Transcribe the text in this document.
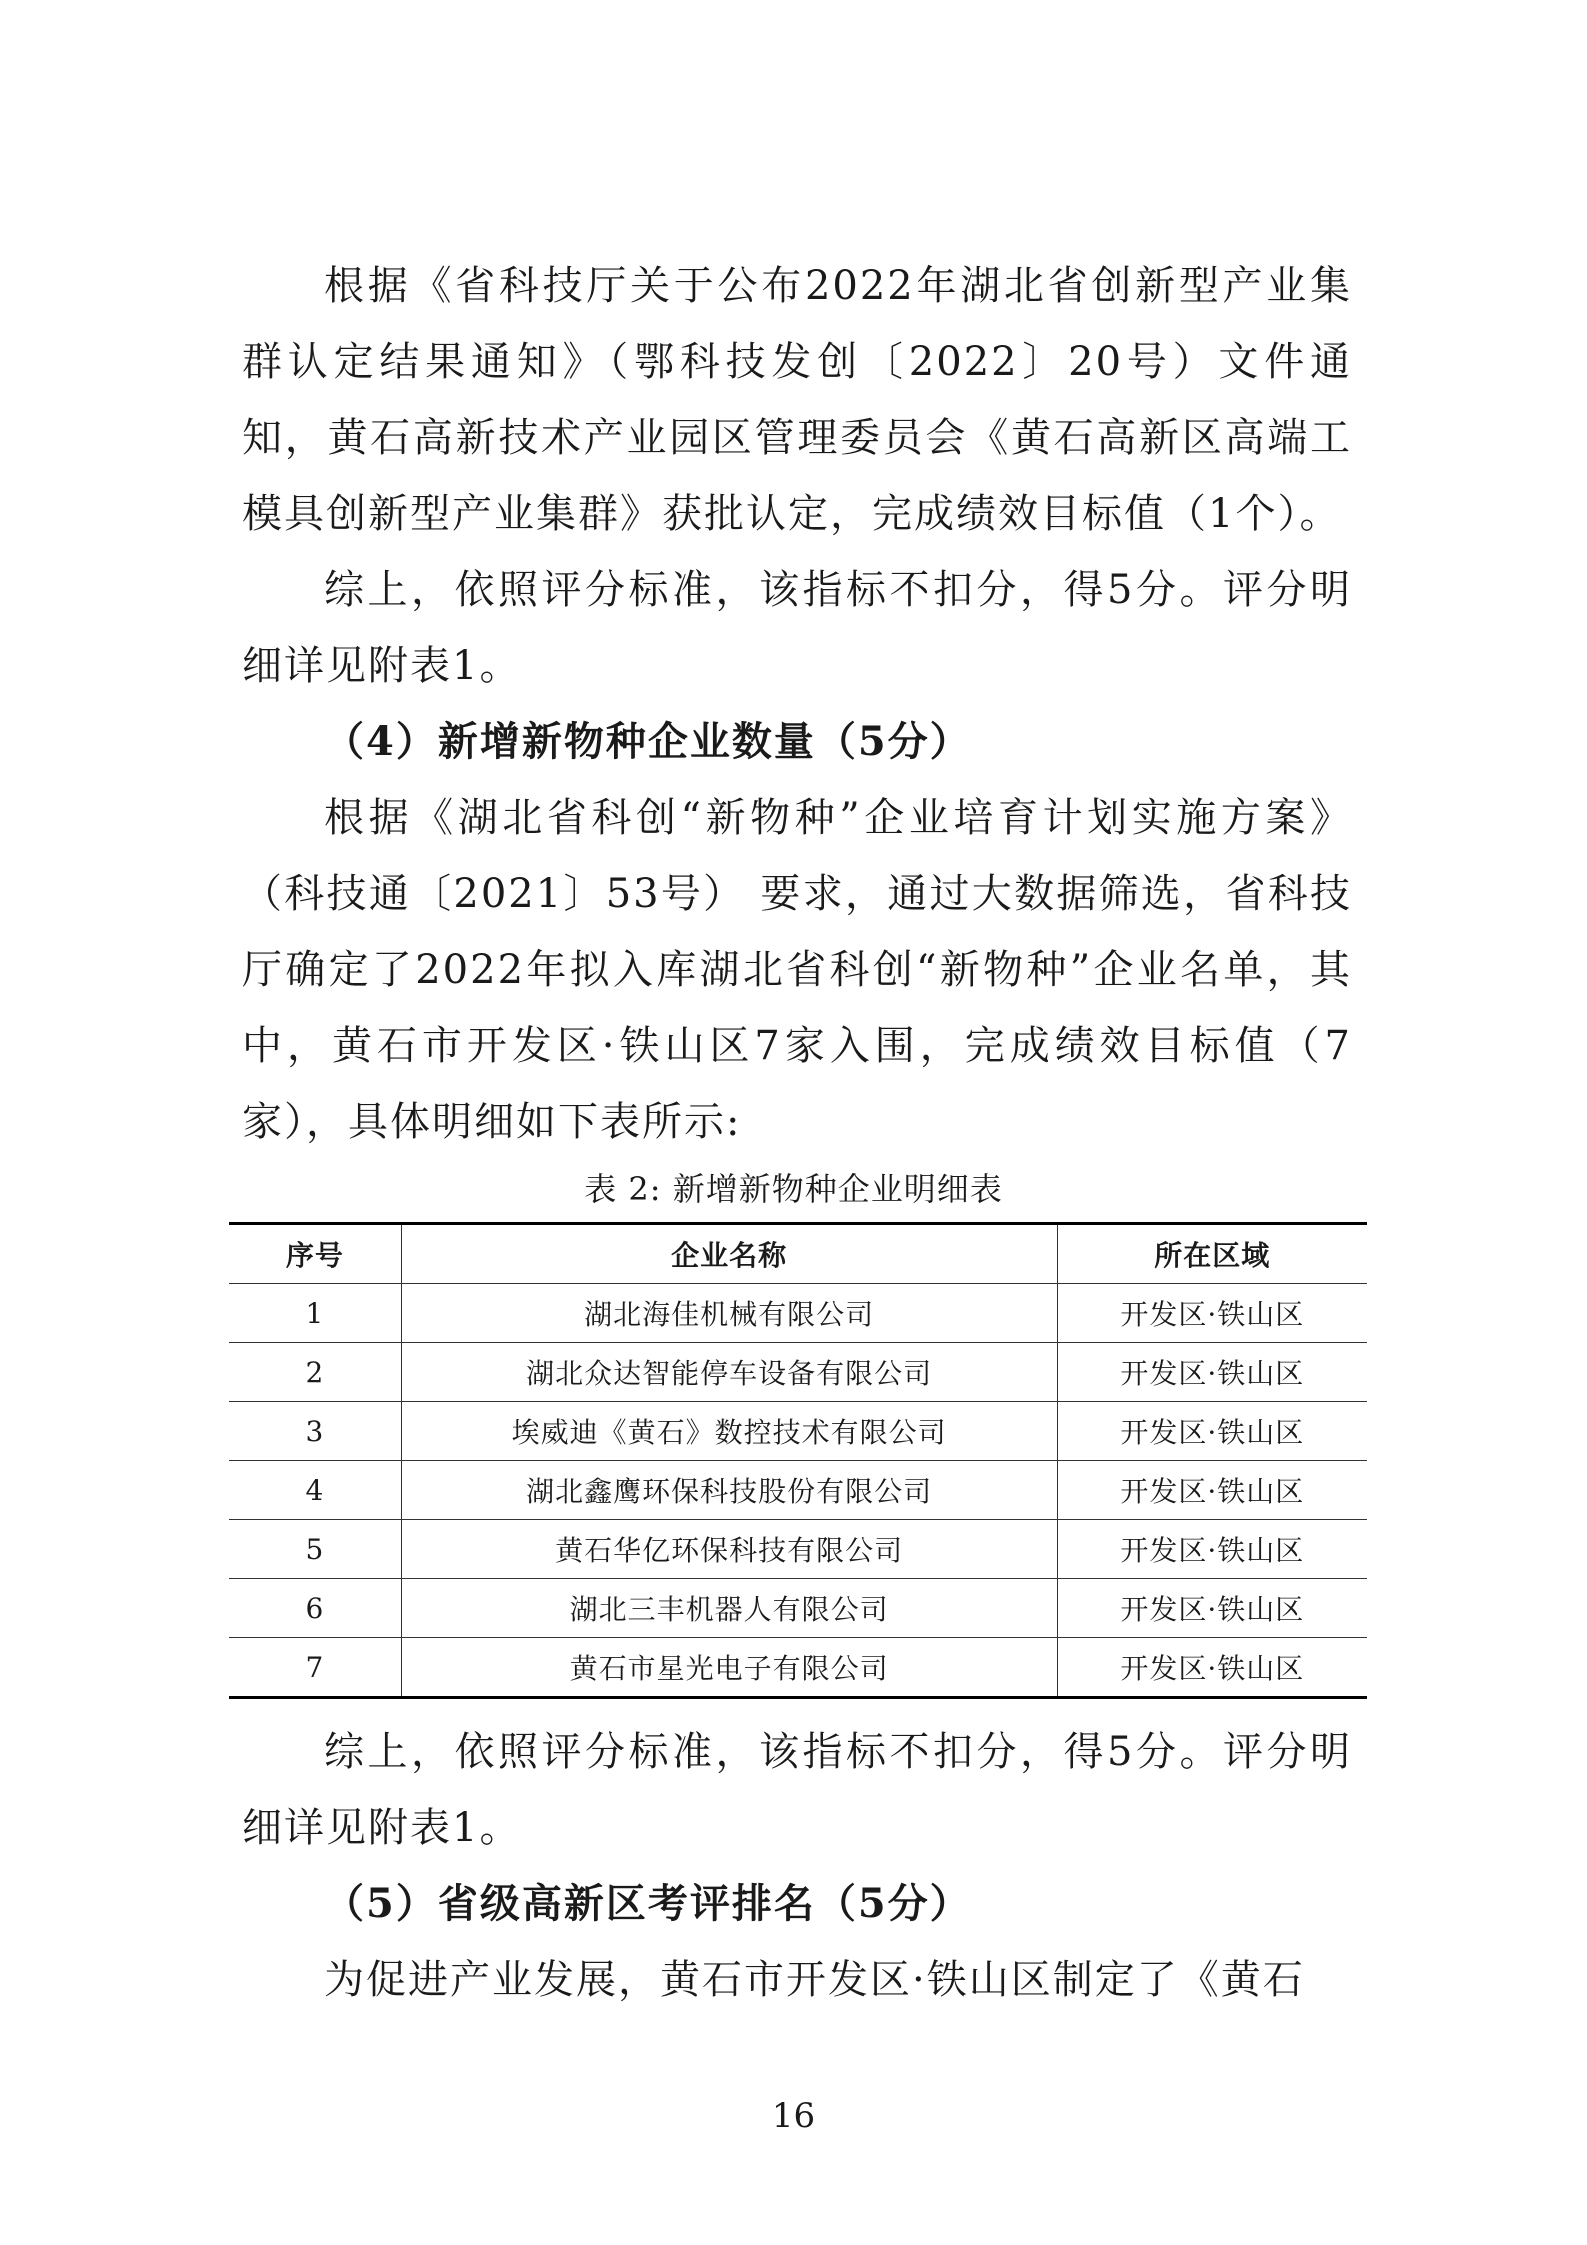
根据《省科技厅关于公布2022年湖北省创新型产业集群认定结果通知》（鄂科技发创〔2022〕20号）文件通知，黄石高新技术产业园区管理委员会《黄石高新区高端工模具创新型产业集群》获批认定，完成绩效目标值（1个）。

综上，依照评分标准，该指标不扣分，得5分。评分明细详见附表1。

（4）新增新物种企业数量（5分）

根据《湖北省科创“新物种”企业培育计划实施方案》（科技通〔2021〕53号） 要求，通过大数据筛选，省科技厅确定了2022年拟入库湖北省科创“新物种”企业名单，其中，黄石市开发区·铁山区7家入围，完成绩效目标值（7家），具体明细如下表所示:

表 2: 新增新物种企业明细表

序号	企业名称	所在区域
1	湖北海佳机械有限公司	开发区·铁山区
2	湖北众达智能停车设备有限公司	开发区·铁山区
3	埃威迪《黄石》数控技术有限公司	开发区·铁山区
4	湖北鑫鹰环保科技股份有限公司	开发区·铁山区
5	黄石华亿环保科技有限公司	开发区·铁山区
6	湖北三丰机器人有限公司	开发区·铁山区
7	黄石市星光电子有限公司	开发区·铁山区

综上，依照评分标准，该指标不扣分，得5分。评分明细详见附表1。

（5）省级高新区考评排名（5分）

为促进产业发展，黄石市开发区·铁山区制定了《黄石

16
